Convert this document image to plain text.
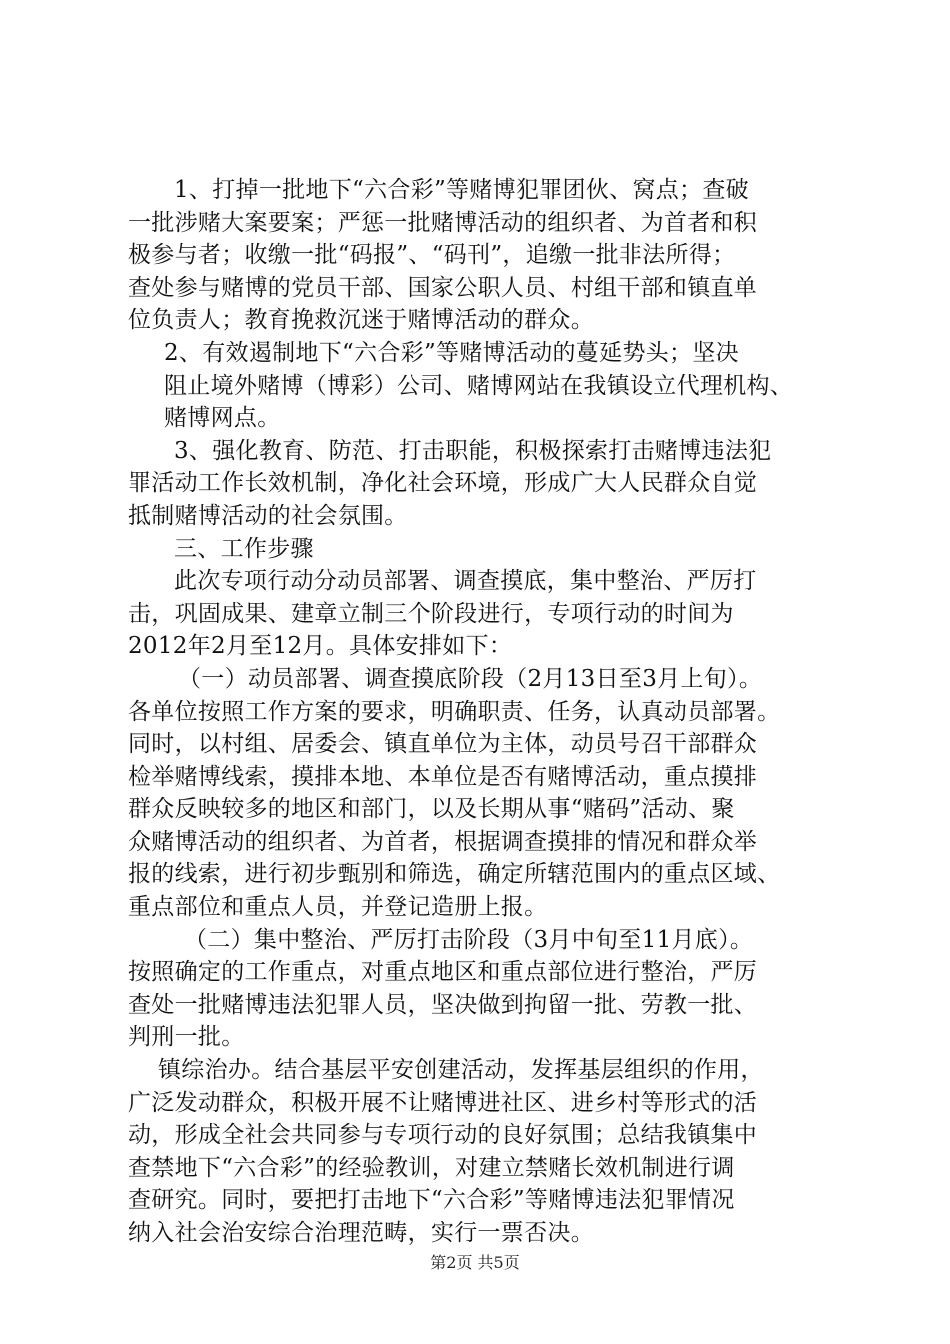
1、打掉一批地下“六合彩”等赌博犯罪团伙、窝点；查破
一批涉赌大案要案；严惩一批赌博活动的组织者、为首者和积
极参与者；收缴一批“码报”、“码刊”，追缴一批非法所得；
查处参与赌博的党员干部、国家公职人员、村组干部和镇直单
位负责人；教育挽救沉迷于赌博活动的群众。
2、有效遏制地下“六合彩”等赌博活动的蔓延势头；坚决
阻止境外赌博（博彩）公司、赌博网站在我镇设立代理机构、
赌博网点。
3、强化教育、防范、打击职能，积极探索打击赌博违法犯
罪活动工作长效机制，净化社会环境，形成广大人民群众自觉
抵制赌博活动的社会氛围。
三、工作步骤
此次专项行动分动员部署、调查摸底，集中整治、严厉打
击，巩固成果、建章立制三个阶段进行，专项行动的时间为
2012年2月至12月。具体安排如下：
（一）动员部署、调查摸底阶段（2月13日至3月上旬）。
各单位按照工作方案的要求，明确职责、任务，认真动员部署。
同时，以村组、居委会、镇直单位为主体，动员号召干部群众
检举赌博线索，摸排本地、本单位是否有赌博活动，重点摸排
群众反映较多的地区和部门，以及长期从事“赌码”活动、聚
众赌博活动的组织者、为首者，根据调查摸排的情况和群众举
报的线索，进行初步甄别和筛选，确定所辖范围内的重点区域、
重点部位和重点人员，并登记造册上报。
（二）集中整治、严厉打击阶段（3月中旬至11月底）。
按照确定的工作重点，对重点地区和重点部位进行整治，严厉
查处一批赌博违法犯罪人员，坚决做到拘留一批、劳教一批、
判刑一批。
镇综治办。结合基层平安创建活动，发挥基层组织的作用，
广泛发动群众，积极开展不让赌博进社区、进乡村等形式的活
动，形成全社会共同参与专项行动的良好氛围；总结我镇集中
查禁地下“六合彩”的经验教训，对建立禁赌长效机制进行调
查研究。同时，要把打击地下“六合彩”等赌博违法犯罪情况
纳入社会治安综合治理范畴，实行一票否决。
第2页 共5页
